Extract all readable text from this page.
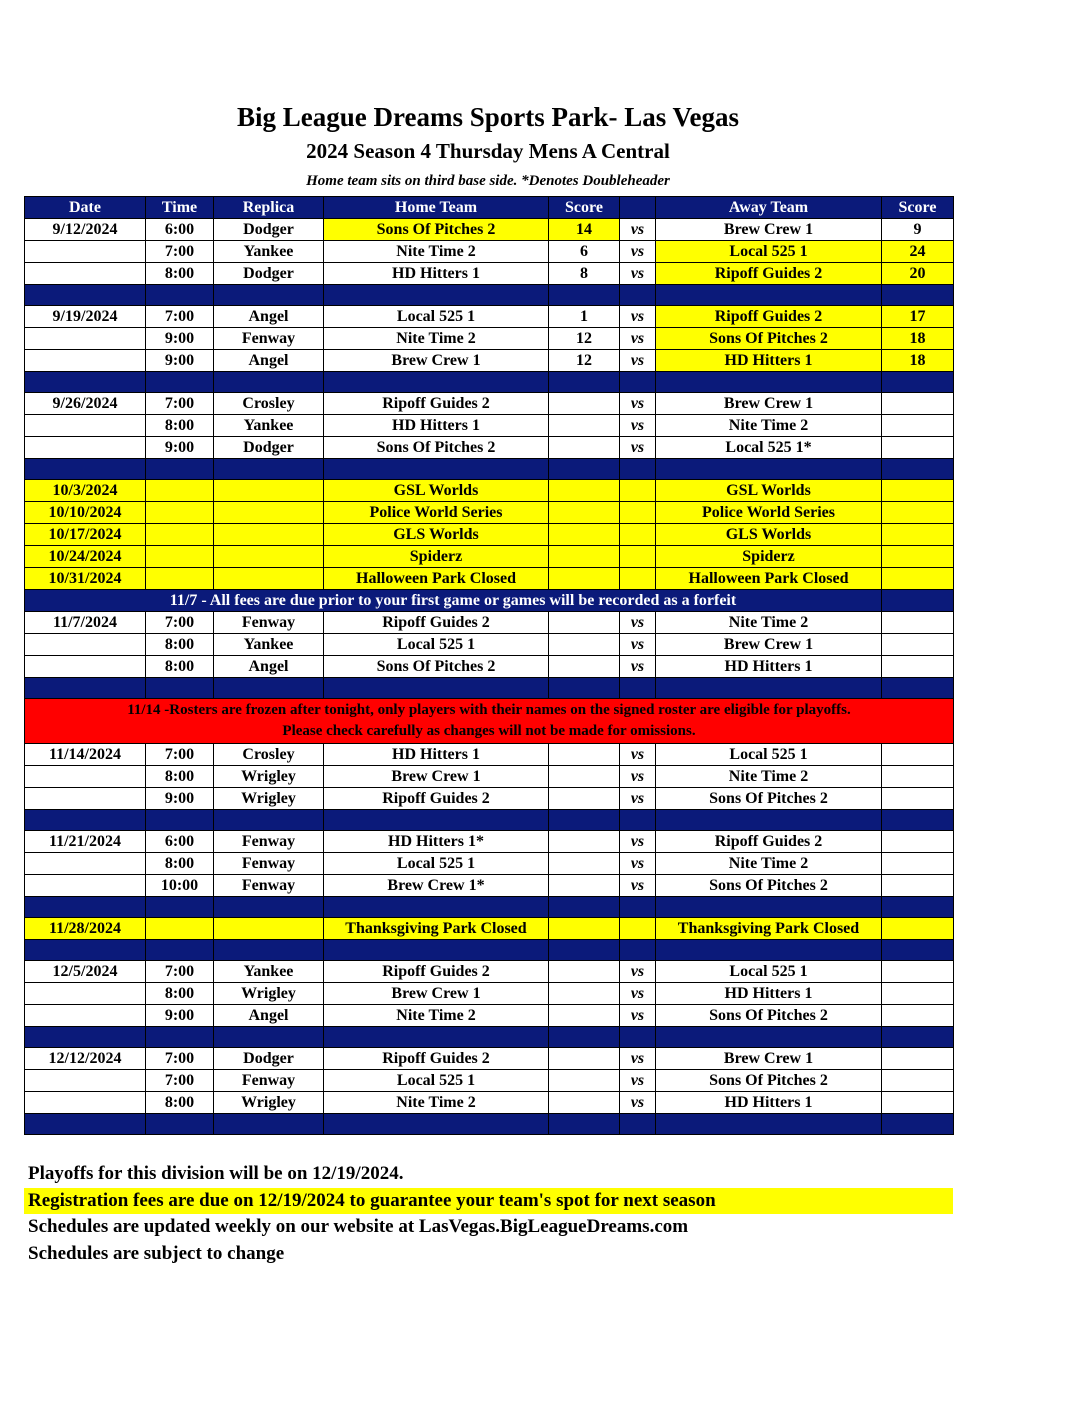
Big League Dreams Sports Park- Las Vegas
2024 Season 4 Thursday Mens A Central
Home team sits on third base side. *Denotes Doubleheader
Date	Time	Replica	Home Team	Score		Away Team	Score
9/12/2024	6:00	Dodger	Sons Of Pitches 2	14	vs	Brew Crew 1	9
	7:00	Yankee	Nite Time 2	6	vs	Local 525 1	24
	8:00	Dodger	HD Hitters 1	8	vs	Ripoff Guides 2	20

9/19/2024	7:00	Angel	Local 525 1	1	vs	Ripoff Guides 2	17
	9:00	Fenway	Nite Time 2	12	vs	Sons Of Pitches 2	18
	9:00	Angel	Brew Crew 1	12	vs	HD Hitters 1	18

9/26/2024	7:00	Crosley	Ripoff Guides 2		vs	Brew Crew 1	
	8:00	Yankee	HD Hitters 1		vs	Nite Time 2	
	9:00	Dodger	Sons Of Pitches 2		vs	Local 525 1*	

10/3/2024			GSL Worlds			GSL Worlds	
10/10/2024			Police World Series			Police World Series	
10/17/2024			GLS Worlds			GLS Worlds	
10/24/2024			Spiderz			Spiderz	
10/31/2024			Halloween Park Closed			Halloween Park Closed	
11/7 - All fees are due prior to your first game or games will be recorded as a forfeit							
11/7/2024	7:00	Fenway	Ripoff Guides 2		vs	Nite Time 2	
	8:00	Yankee	Local 525 1		vs	Brew Crew 1	
	8:00	Angel	Sons Of Pitches 2		vs	HD Hitters 1	

11/14 -Rosters are frozen after tonight, only players with their names on the signed roster are eligible for playoffs.
Please check carefully as changes will not be made for omissions.							

11/14/2024	7:00	Crosley	HD Hitters 1		vs	Local 525 1	
	8:00	Wrigley	Brew Crew 1		vs	Nite Time 2	
	9:00	Wrigley	Ripoff Guides 2		vs	Sons Of Pitches 2	

11/21/2024	6:00	Fenway	HD Hitters 1*		vs	Ripoff Guides 2	
	8:00	Fenway	Local 525 1		vs	Nite Time 2	
	10:00	Fenway	Brew Crew 1*		vs	Sons Of Pitches 2	

11/28/2024			Thanksgiving Park Closed			Thanksgiving Park Closed	

12/5/2024	7:00	Yankee	Ripoff Guides 2		vs	Local 525 1	
	8:00	Wrigley	Brew Crew 1		vs	HD Hitters 1	
	9:00	Angel	Nite Time 2		vs	Sons Of Pitches 2	

12/12/2024	7:00	Dodger	Ripoff Guides 2		vs	Brew Crew 1	
	7:00	Fenway	Local 525 1		vs	Sons Of Pitches 2	
	8:00	Wrigley	Nite Time 2		vs	HD Hitters 1	

Playoffs for this division will be on 12/19/2024.
Registration fees are due on 12/19/2024 to guarantee your team's spot for next season
Schedules are updated weekly on our website at LasVegas.BigLeagueDreams.com
Schedules are subject to change
